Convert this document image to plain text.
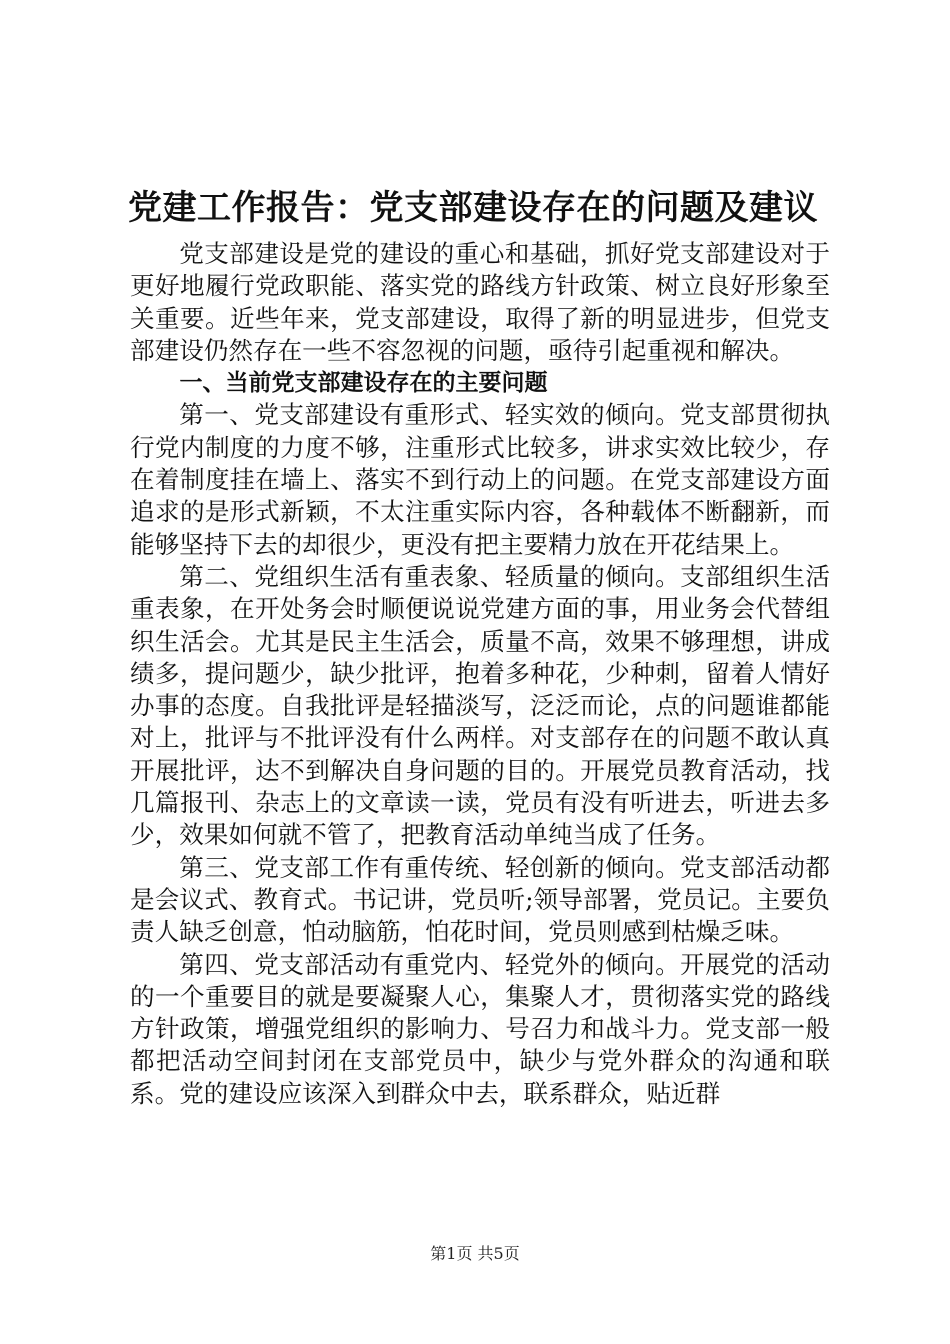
党建工作报告：党支部建设存在的问题及建议

党支部建设是党的建设的重心和基础，抓好党支部建设对于更好地履行党政职能、落实党的路线方针政策、树立良好形象至关重要。近些年来，党支部建设，取得了新的明显进步，但党支部建设仍然存在一些不容忽视的问题，亟待引起重视和解决。

一、当前党支部建设存在的主要问题

第一、党支部建设有重形式、轻实效的倾向。党支部贯彻执行党内制度的力度不够，注重形式比较多，讲求实效比较少，存在着制度挂在墙上、落实不到行动上的问题。在党支部建设方面追求的是形式新颖，不太注重实际内容，各种载体不断翻新，而能够坚持下去的却很少，更没有把主要精力放在开花结果上。

第二、党组织生活有重表象、轻质量的倾向。支部组织生活重表象，在开处务会时顺便说说党建方面的事，用业务会代替组织生活会。尤其是民主生活会，质量不高，效果不够理想，讲成绩多，提问题少，缺少批评，抱着多种花，少种刺，留着人情好办事的态度。自我批评是轻描淡写，泛泛而论，点的问题谁都能对上，批评与不批评没有什么两样。对支部存在的问题不敢认真开展批评，达不到解决自身问题的目的。开展党员教育活动，找几篇报刊、杂志上的文章读一读，党员有没有听进去，听进去多少，效果如何就不管了，把教育活动单纯当成了任务。

第三、党支部工作有重传统、轻创新的倾向。党支部活动都是会议式、教育式。书记讲，党员听;领导部署，党员记。主要负责人缺乏创意，怕动脑筋，怕花时间，党员则感到枯燥乏味。

第四、党支部活动有重党内、轻党外的倾向。开展党的活动的一个重要目的就是要凝聚人心，集聚人才，贯彻落实党的路线方针政策，增强党组织的影响力、号召力和战斗力。党支部一般都把活动空间封闭在支部党员中，缺少与党外群众的沟通和联系。党的建设应该深入到群众中去，联系群众，贴近群

第1页 共5页
